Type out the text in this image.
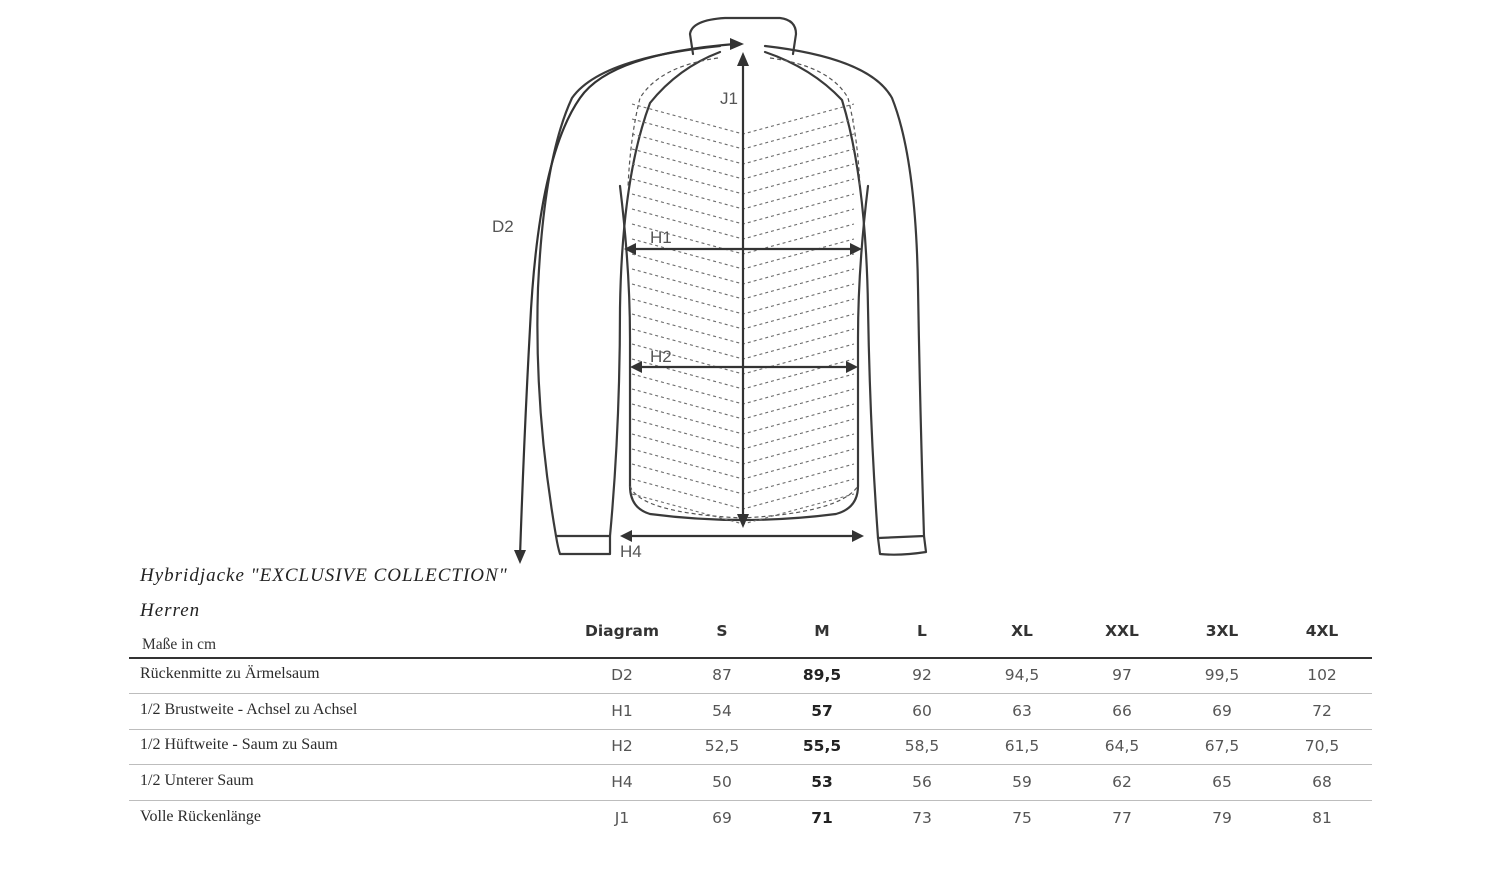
J1
D2
H1
H2
H4
Hybridjacke "EXCLUSIVE COLLECTION"
Herren
Maße in cm
Diagram	S	M	L	XL	XXL	3XL	4XL
Rückenmitte zu Ärmelsaum	D2	87	89,5	92	94,5	97	99,5	102
1/2 Brustweite - Achsel zu Achsel	H1	54	57	60	63	66	69	72
1/2 Hüftweite - Saum zu Saum	H2	52,5	55,5	58,5	61,5	64,5	67,5	70,5
1/2 Unterer Saum	H4	50	53	56	59	62	65	68
Volle Rückenlänge	J1	69	71	73	75	77	79	81
